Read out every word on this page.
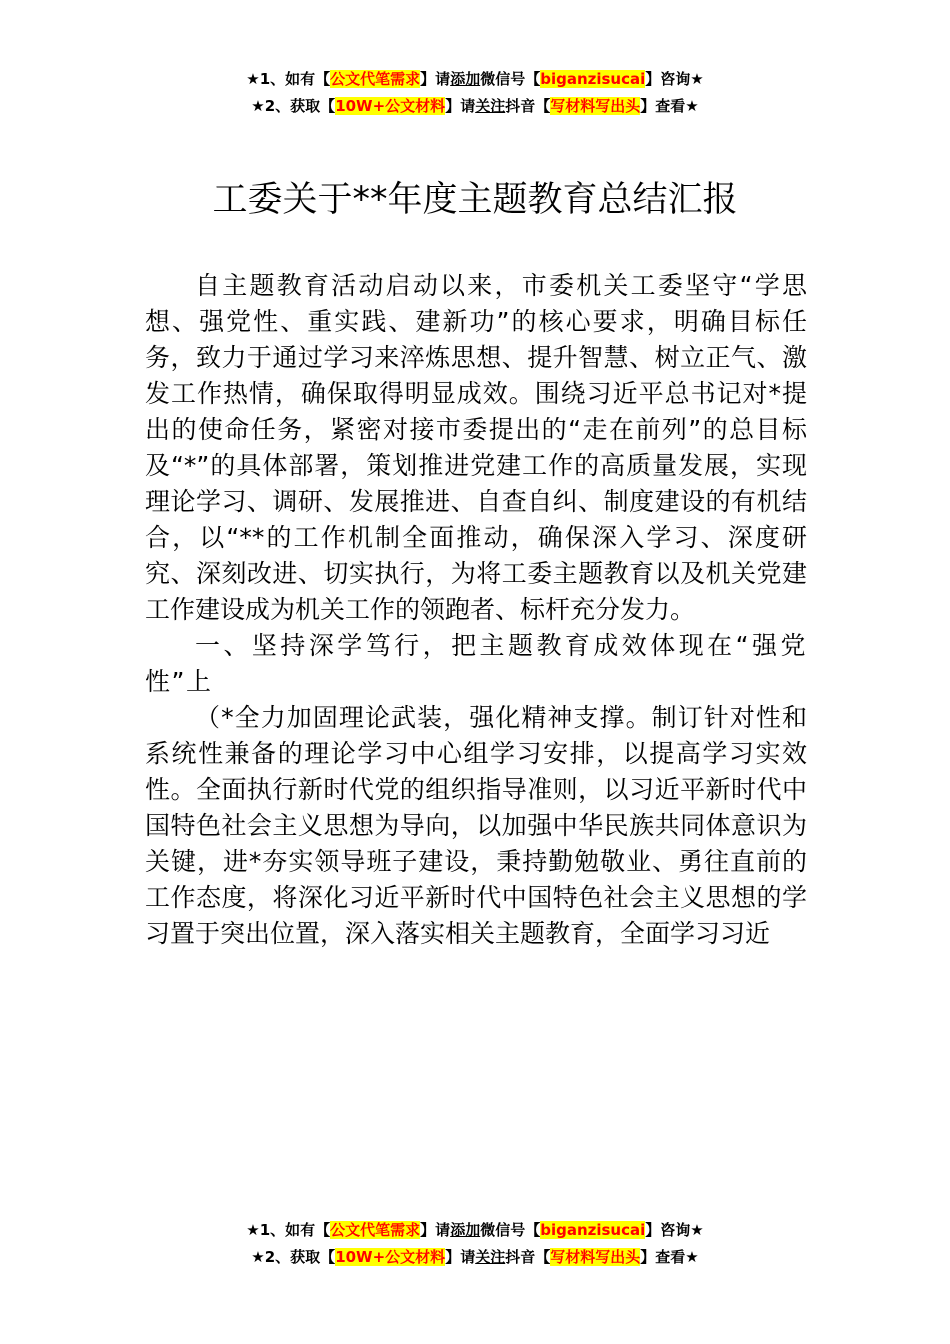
★1、如有【公文代笔需求】请添加微信号【biganzisucai】咨询★
★2、获取【10W+公文材料】请关注抖音【写材料写出头】查看★
工委关于**年度主题教育总结汇报

自主题教育活动启动以来，市委机关工委坚守“学思想、强党性、重实践、建新功”的核心要求，明确目标任务，致力于通过学习来淬炼思想、提升智慧、树立正气、激发工作热情，确保取得明显成效。围绕习近平总书记对*提出的使命任务，紧密对接市委提出的“走在前列”的总目标及“*”的具体部署，策划推进党建工作的高质量发展，实现理论学习、调研、发展推进、自查自纠、制度建设的有机结合，以“**的工作机制全面推动，确保深入学习、深度研究、深刻改进、切实执行，为将工委主题教育以及机关党建工作建设成为机关工作的领跑者、标杆充分发力。

一、坚持深学笃行，把主题教育成效体现在“强党性”上

（*全力加固理论武装，强化精神支撑。制订针对性和系统性兼备的理论学习中心组学习安排，以提高学习实效性。全面执行新时代党的组织指导准则，以习近平新时代中国特色社会主义思想为导向，以加强中华民族共同体意识为关键，进*夯实领导班子建设，秉持勤勉敬业、勇往直前的工作态度，将深化习近平新时代中国特色社会主义思想的学习置于突出位置，深入落实相关主题教育，全面学习习近

★1、如有【公文代笔需求】请添加微信号【biganzisucai】咨询★
★2、获取【10W+公文材料】请关注抖音【写材料写出头】查看★
